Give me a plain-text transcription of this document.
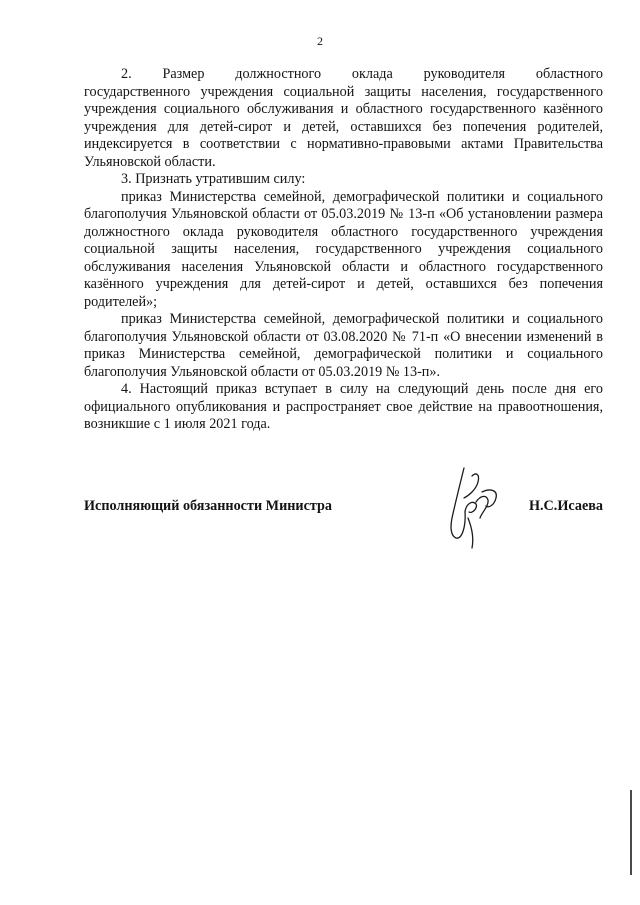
2

2.    Размер    должностного    оклада    руководителя    областного государственного учреждения социальной защиты населения, государственного учреждения социального обслуживания и областного государственного казённого учреждения для детей-сирот и детей, оставшихся без попечения родителей, индексируется в соответствии с нормативно-правовыми актами Правительства Ульяновской области.

3. Признать утратившим силу:

приказ Министерства семейной, демографической политики и социального благополучия Ульяновской области от 05.03.2019 № 13-п «Об установлении размера должностного оклада руководителя областного государственного учреждения социальной защиты населения, государственного учреждения социального обслуживания населения Ульяновской области и областного государственного казённого учреждения для детей-сирот и детей, оставшихся без попечения родителей»;

приказ Министерства семейной, демографической политики и социального благополучия Ульяновской области от 03.08.2020 № 71-п «О внесении изменений в приказ Министерства семейной, демографической политики и социального благополучия Ульяновской области от 05.03.2019 № 13-п».

4. Настоящий приказ вступает в силу на следующий день после дня его официального опубликования и распространяет свое действие на правоотношения, возникшие с 1 июля 2021 года.

Исполняющий обязанности Министра	Н.С.Исаева
